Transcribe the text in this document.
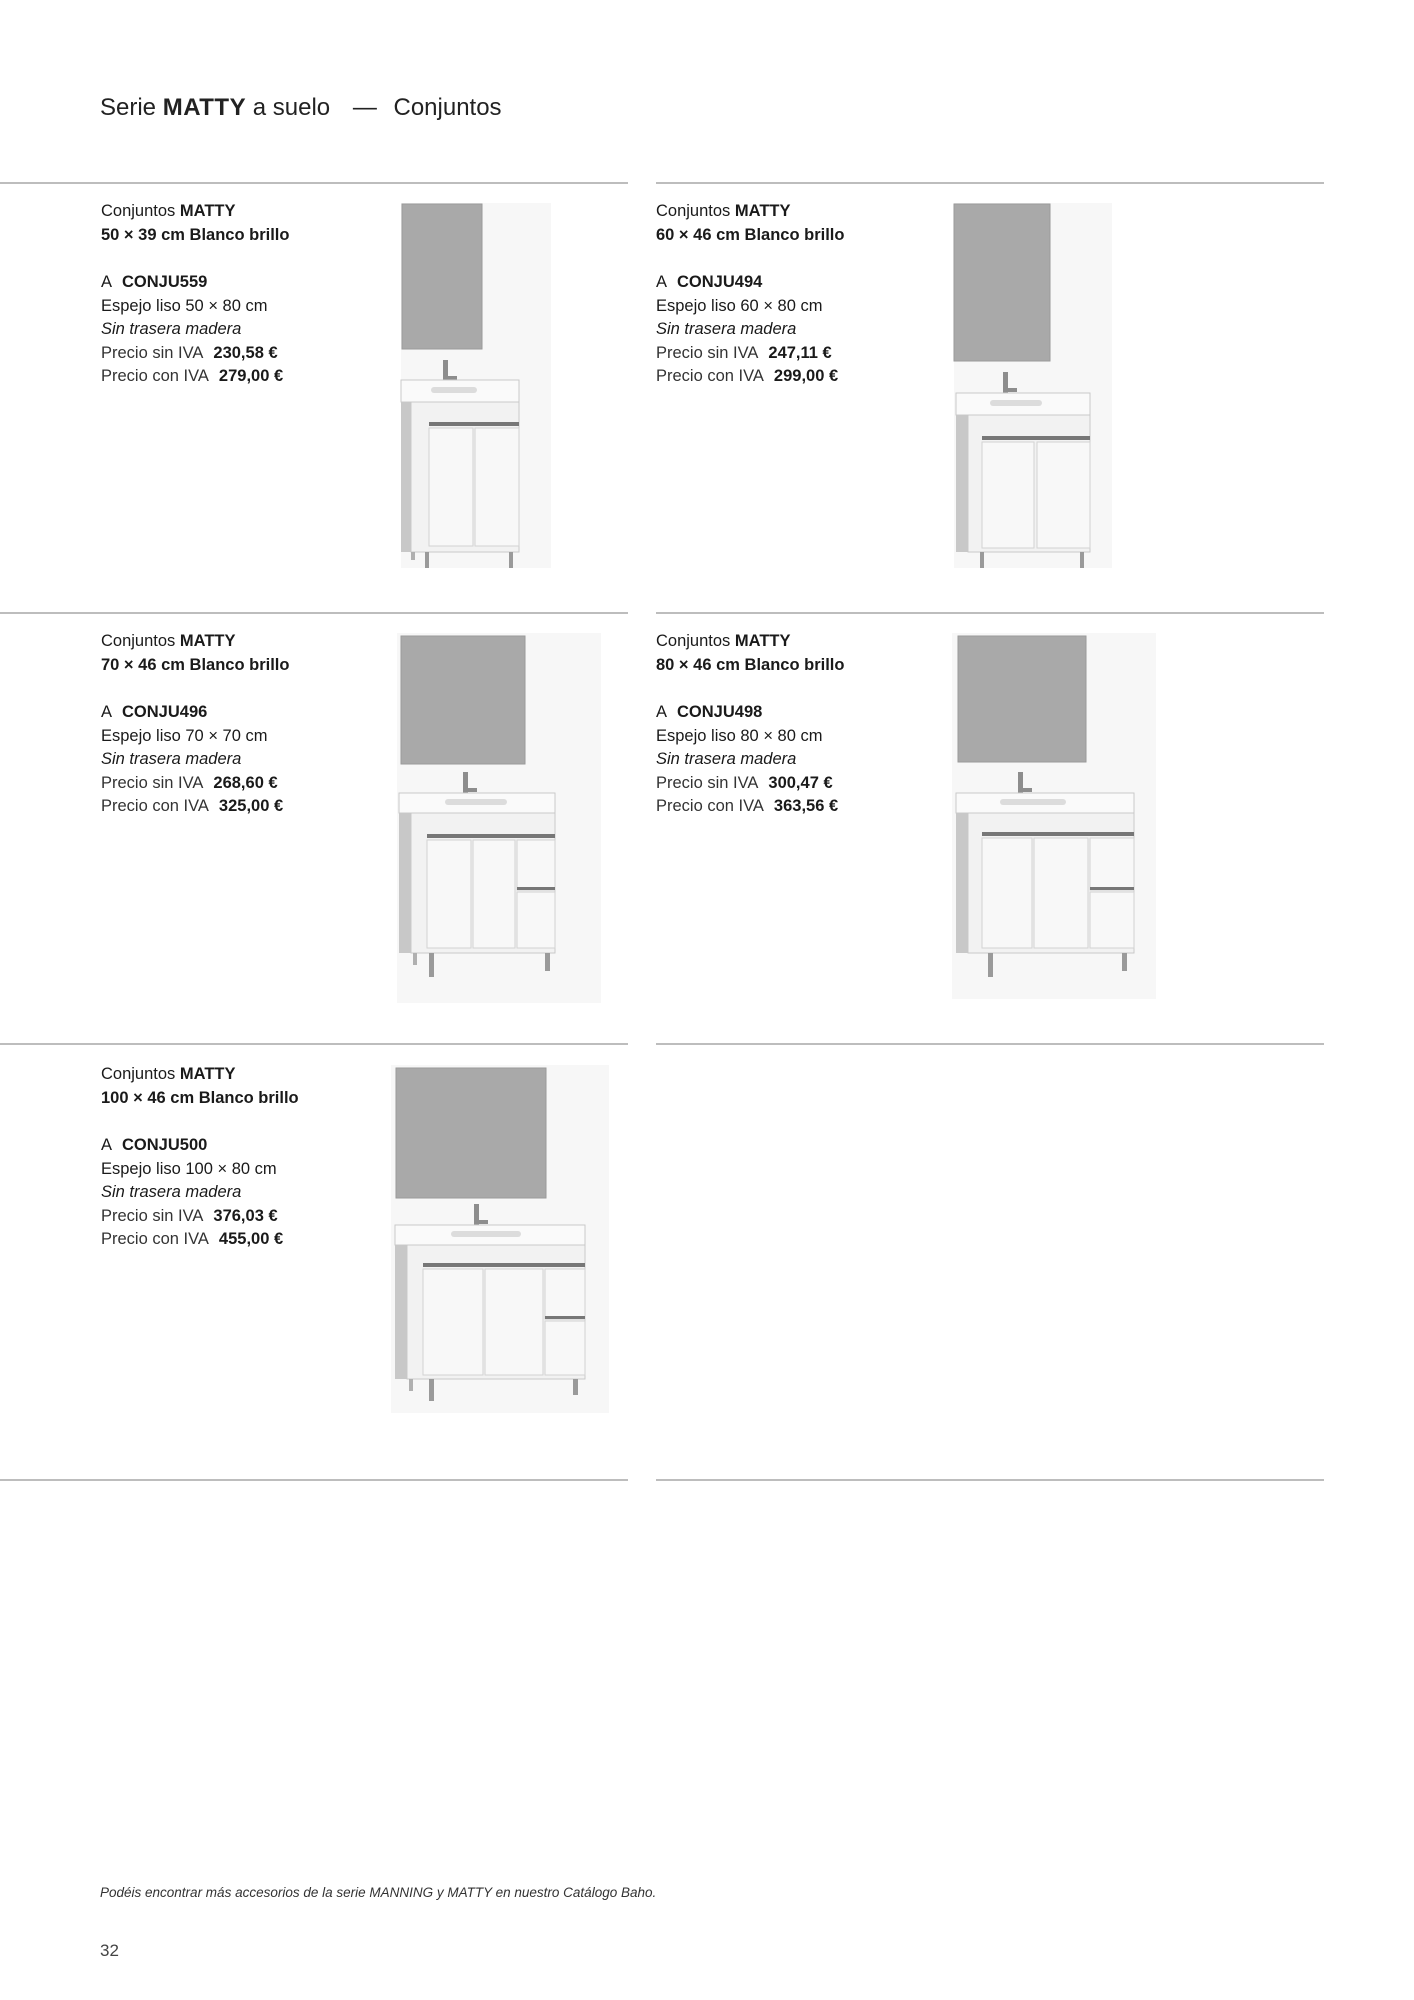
Serie MATTY a suelo — Conjuntos

Conjuntos MATTY

50 × 39 cm Blanco brillo

A CONJU559

Espejo liso 50 × 80 cm

Sin trasera madera

Precio sin IVA 230,58 €

Precio con IVA 279,00 €

Conjuntos MATTY

60 × 46 cm Blanco brillo

A CONJU494

Espejo liso 60 × 80 cm

Sin trasera madera

Precio sin IVA 247,11 €

Precio con IVA 299,00 €

Conjuntos MATTY

70 × 46 cm Blanco brillo

A CONJU496

Espejo liso 70 × 70 cm

Sin trasera madera

Precio sin IVA 268,60 €

Precio con IVA 325,00 €

Conjuntos MATTY

80 × 46 cm Blanco brillo

A CONJU498

Espejo liso 80 × 80 cm

Sin trasera madera

Precio sin IVA 300,47 €

Precio con IVA 363,56 €

Conjuntos MATTY

100 × 46 cm Blanco brillo

A CONJU500

Espejo liso 100 × 80 cm

Sin trasera madera

Precio sin IVA 376,03 €

Precio con IVA 455,00 €

Podéis encontrar más accesorios de la serie MANNING y MATTY en nuestro Catálogo Baho.

32
